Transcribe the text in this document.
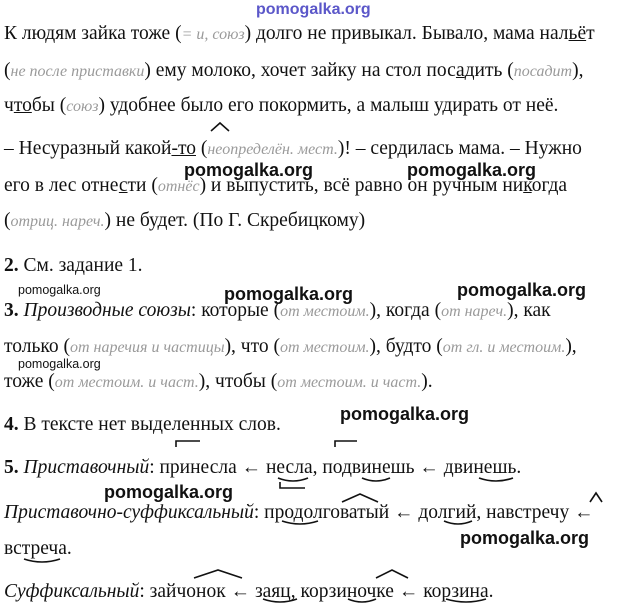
pomogalka.org
К людям зайка тоже (= и, союз) долго не привыкал. Бывало, мама нальёт
(не после приставки) ему молоко, хочет зайку на стол посадить (посадит),
чтобы (союз) удобнее было его покормить, а малыш удирать от неё.
– Несуразный какой-то (неопределён. мест.)! – сердилась мама. – Нужно
его в лес отнести (отнёс) и выпустить, всё равно он ручным никогда
(отриц. нареч.) не будет. (По Г. Скребицкому)
2. См. задание 1.
3. Производные союзы: которые (от местоим.), когда (от нареч.), как
только (от наречия и частицы), что (от местоим.), будто (от гл. и местоим.),
тоже (от местоим. и част.), чтобы (от местоим. и част.).
4. В тексте нет выделенных слов.
5. Приставочный: принесла ← несла, подвинешь ← двинешь.
Приставочно-суффиксальный: продолговатый ← долгий, навстречу ←
встреча.
Суффиксальный: зайчонок ← заяц, корзиночке ← корзина.
pomogalka.org	pomogalka.org
pomogalka.org	pomogalka.org	pomogalka.org
pomogalka.org
pomogalka.org
pomogalka.org
pomogalka.org
